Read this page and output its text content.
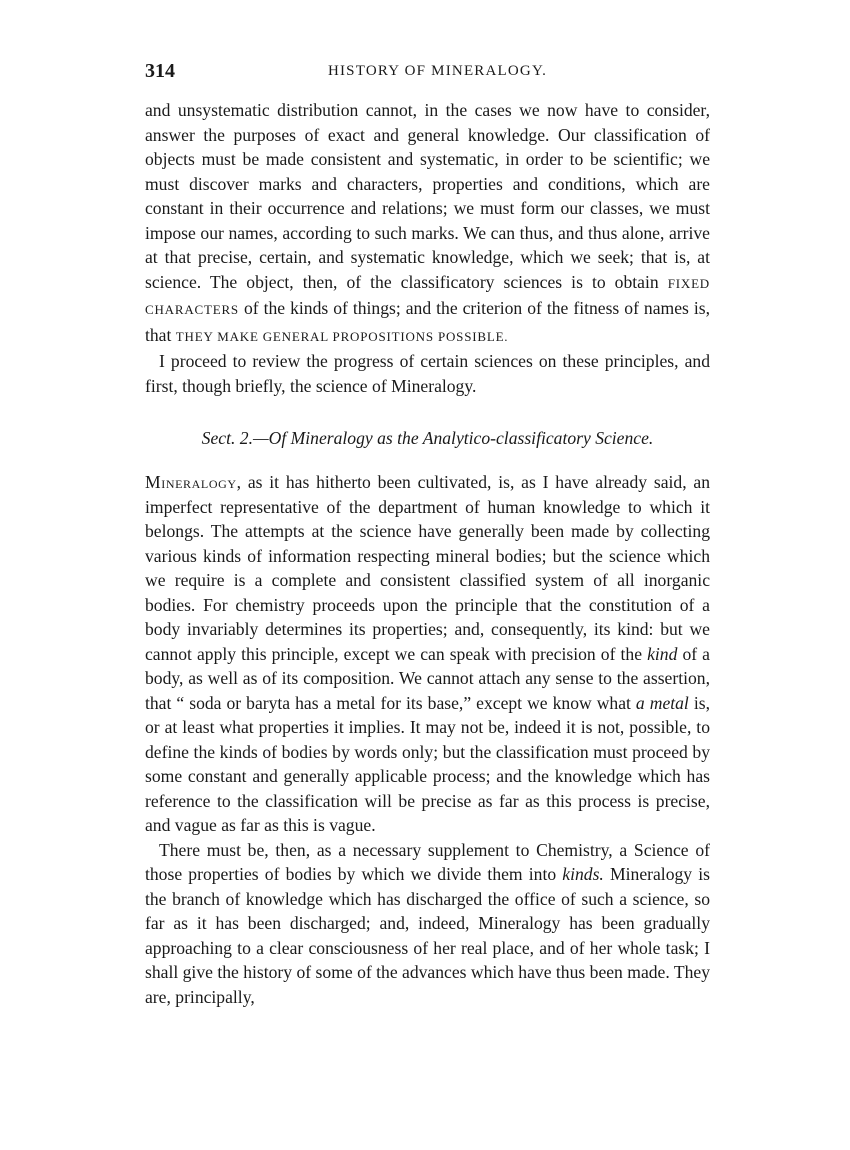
314	HISTORY OF MINERALOGY.

and unsystematic distribution cannot, in the cases we now have to consider, answer the purposes of exact and general knowledge. Our classification of objects must be made consistent and systematic, in order to be scientific; we must discover marks and characters, properties and conditions, which are constant in their occurrence and relations; we must form our classes, we must impose our names, according to such marks. We can thus, and thus alone, arrive at that precise, certain, and systematic knowledge, which we seek; that is, at science. The object, then, of the classificatory sciences is to obtain FIXED CHARACTERS of the kinds of things; and the criterion of the fitness of names is, that THEY MAKE GENERAL PROPOSITIONS POSSIBLE.

I proceed to review the progress of certain sciences on these principles, and first, though briefly, the science of Mineralogy.

Sect. 2.—Of Mineralogy as the Analytico-classificatory Science.

Mineralogy, as it has hitherto been cultivated, is, as I have already said, an imperfect representative of the department of human knowledge to which it belongs. The attempts at the science have generally been made by collecting various kinds of information respecting mineral bodies; but the science which we require is a complete and consistent classified system of all inorganic bodies. For chemistry proceeds upon the principle that the constitution of a body invariably determines its properties; and, consequently, its kind: but we cannot apply this principle, except we can speak with precision of the kind of a body, as well as of its composition. We cannot attach any sense to the assertion, that “ soda or baryta has a metal for its base,” except we know what a metal is, or at least what properties it implies. It may not be, indeed it is not, possible, to define the kinds of bodies by words only; but the classification must proceed by some constant and generally applicable process; and the knowledge which has reference to the classification will be precise as far as this process is precise, and vague as far as this is vague.

There must be, then, as a necessary supplement to Chemistry, a Science of those properties of bodies by which we divide them into kinds. Mineralogy is the branch of knowledge which has discharged the office of such a science, so far as it has been discharged; and, indeed, Mineralogy has been gradually approaching to a clear consciousness of her real place, and of her whole task; I shall give the history of some of the advances which have thus been made. They are, principally,
